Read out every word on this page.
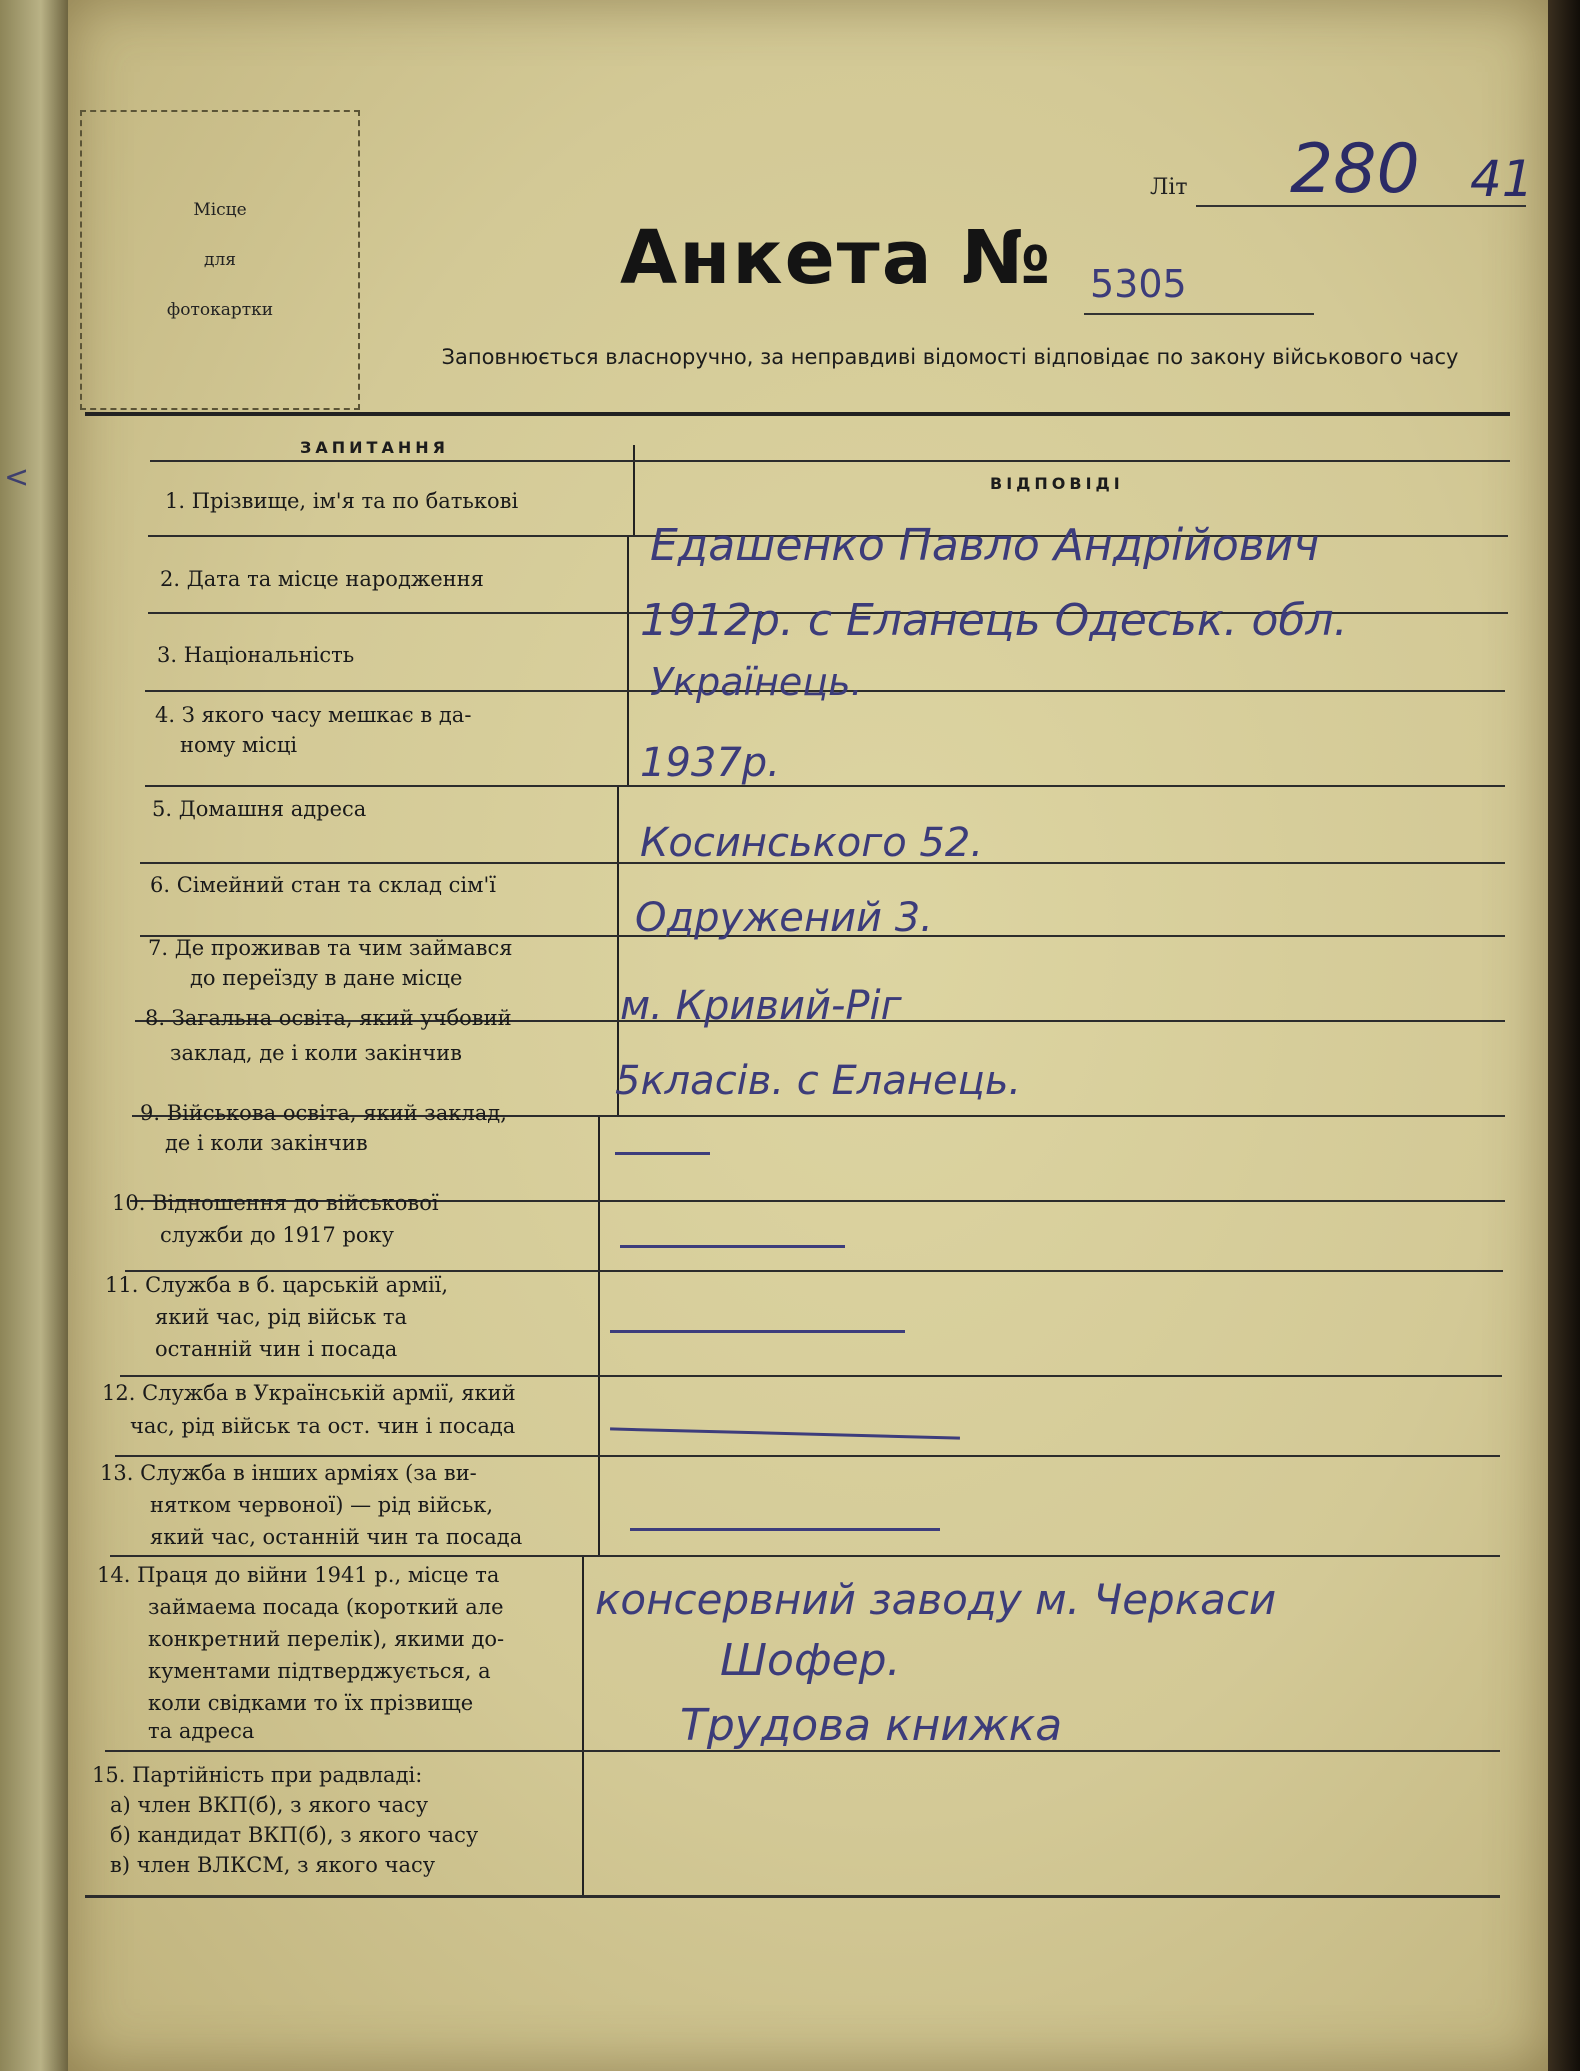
<
Місце
для
фотокартки
Літ 280 41
Анкета № 5305
Заповнюється власноручно, за неправдиві відомості відповідає по закону військового часу
ЗАПИТАННЯ
ВІДПОВІДІ
1. Прізвище, ім'я та по батькові
2. Дата та місце народження
3. Національність
4. З якого часу мешкає в да-
ному місці
5. Домашня адреса
6. Сімейний стан та склад сім'ї
7. Де проживав та чим займався
до переїзду в дане місце
8. Загальна освіта, який учбовий
заклад, де і коли закінчив
9. Військова освіта, який заклад,
де і коли закінчив
10. Відношення до військової
служби до 1917 року
11. Служба в б. царській армії,
який час, рід військ та
останній чин і посада
12. Служба в Українській армії, який
час, рід військ та ост. чин і посада
13. Служба в інших арміях (за ви-
нятком червоної) — рід військ,
який час, останній чин та посада
14. Праця до війни 1941 р., місце та
займаема посада (короткий але
конкретний перелік), якими до-
кументами підтверджується, а
коли свідками то їх прізвище
та адреса
15. Партійність при радвладі:
а) член ВКП(б), з якого часу
б) кандидат ВКП(б), з якого часу
в) член ВЛКСМ, з якого часу
Едашенко Павло Андрійович
1912р. с Еланець Одеськ. обл.
Українець.
1937р.
Косинського 52.
Одружений 3.
м. Кривий-Ріг
5класів. с Еланець.
консервний заводу м. Черкаси
Шофер.
Трудова книжка
